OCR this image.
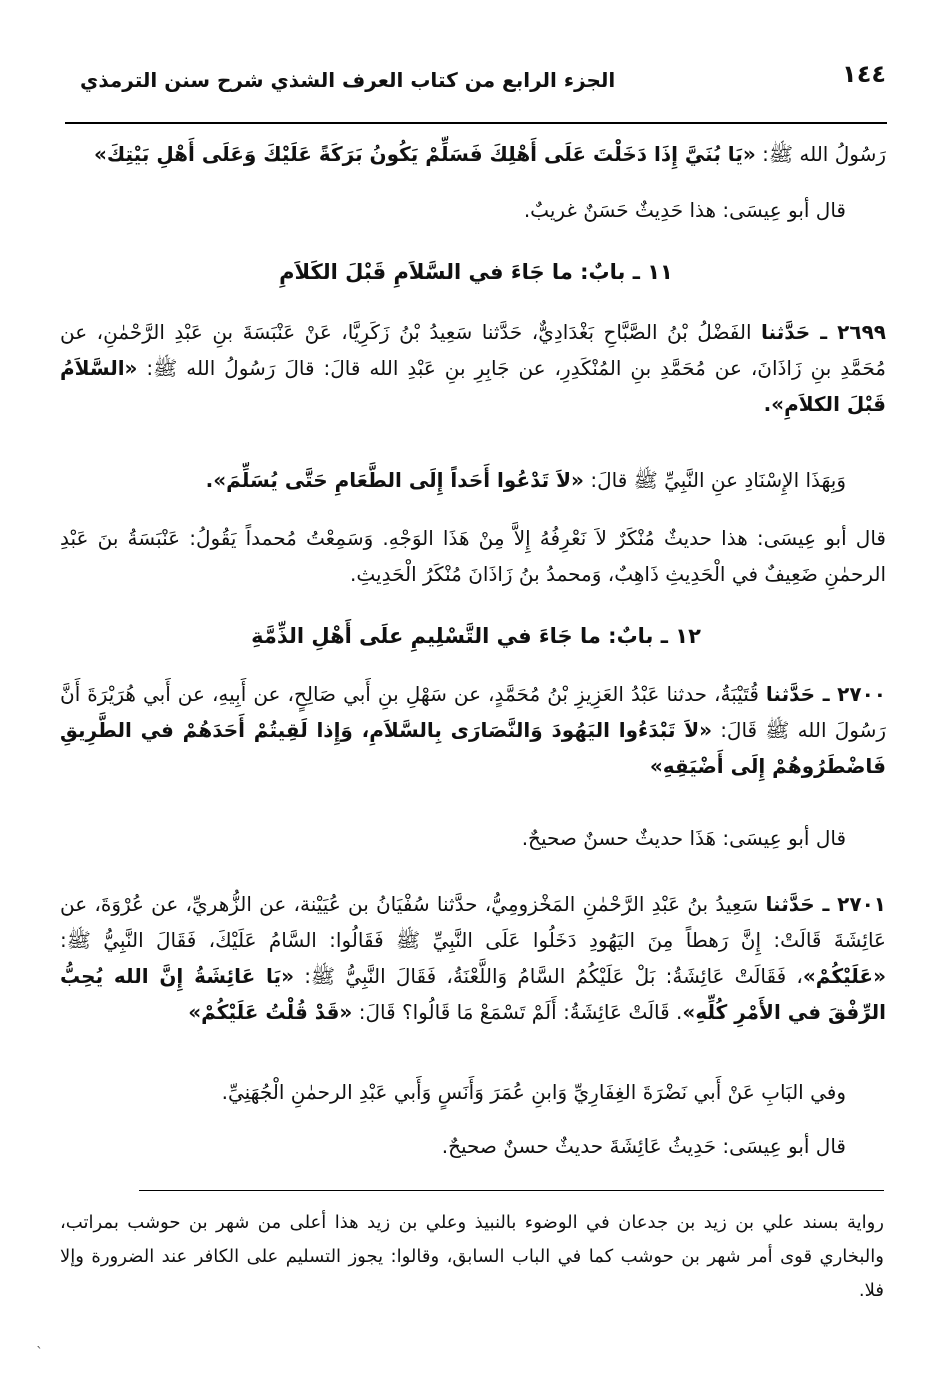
١٤٤
الجزء الرابع من كتاب العرف الشذي شرح سنن الترمذي
رَسُولُ الله ﷺ: «يَا بُنَيَّ إِذَا دَخَلْتَ عَلَى أَهْلِكَ فَسَلِّمْ يَكُونُ بَرَكَةً عَلَيْكَ وَعَلَى أَهْلِ بَيْتِكَ»
قال أبو عِيسَى: هذا حَدِيثٌ حَسَنٌ غريبٌ.
١١ ـ بابٌ: ما جَاءَ في السَّلاَمِ قَبْلَ الكَلاَمِ
٢٦٩٩ ـ حَدَّثنا الفَضْلُ بْنُ الصَّبَّاحِ بَغْدَادِيٌّ، حَدَّثنا سَعِيدُ بْنُ زَكَرِيَّا، عَنْ عَنْبَسَةَ بنِ عَبْدِ الرَّحْمٰنِ، عن مُحَمَّدِ بنِ زَاذَانَ، عن مُحَمَّدِ بنِ المُنْكَدِرِ، عن جَابِرِ بنِ عَبْدِ الله قالَ: قالَ رَسُولُ الله ﷺ: «السَّلاَمُ قَبْلَ الكلاَمِ».
وَبِهَذَا الإِسْنَادِ عنِ النَّبِيِّ ﷺ قالَ: «لاَ تَدْعُوا أَحَداً إِلَى الطَّعَامِ حَتَّى يُسَلِّمَ».
قال أبو عِيسَى: هذا حديثٌ مُنْكَرٌ لاَ نَعْرِفُهُ إِلاَّ مِنْ هَذَا الوَجْهِ. وَسَمِعْتُ مُحمداً يَقُولُ: عَنْبَسَةُ بنَ عَبْدِ الرحمٰنِ ضَعِيفٌ في الْحَدِيثِ ذَاهِبٌ، وَمحمدُ بنُ زَاذَانَ مُنْكَرُ الْحَدِيثِ.
١٢ ـ بابٌ: ما جَاءَ في التَّسْلِيمِ علَى أَهْلِ الذِّمَّةِ
٢٧٠٠ ـ حَدَّثنا قُتَيْبَةُ، حدثنا عَبْدُ العَزِيزِ بْنُ مُحَمَّدٍ، عن سَهْلِ بنِ أَبي صَالِحٍ، عن أَبِيهِ، عن أَبي هُرَيْرَةَ أَنَّ رَسُولَ الله ﷺ قَالَ: «لاَ تَبْدَءُوا اليَهُودَ وَالنَّصَارَى بِالسَّلاَمِ، وَإِذا لَقِيتُمْ أَحَدَهُمْ في الطَّرِيقِ فَاضْطَرُوهُمْ إِلَى أَضْيَقِهِ»
قال أبو عِيسَى: هَذَا حديثٌ حسنٌ صحيحٌ.
٢٧٠١ ـ حَدَّثنا سَعِيدُ بنُ عَبْدِ الرَّحْمٰنِ المَخْزومِيُّ، حدَّثنا سُفْيَانُ بن عُيَيْنة، عن الزُّهريِّ، عن عُرْوَةَ، عن عَائِشَةَ قَالَتْ: إِنَّ رَهطاً مِنَ اليَهُودِ دَخَلُوا عَلَى النَّبِيِّ ﷺ فَقَالُوا: السَّامُ عَلَيْكَ، فَقَالَ النَّبِيُّ ﷺ: «عَلَيْكُمْ»، فَقَالَتْ عَائِشَةُ: بَلْ عَلَيْكُمُ السَّامُ وَاللَّعْنَةُ، فَقَالَ النَّبِيُّ ﷺ: «يَا عَائِشَةُ إِنَّ الله يُحِبُّ الرِّفْقَ في الأَمْرِ كُلِّهِ». قَالَتْ عَائِشَةُ: أَلَمْ تَسْمَعْ مَا قَالُوا؟ قَالَ: «قَدْ قُلْتُ عَلَيْكُمْ»
وفي البَابِ عَنْ أَبي نَضْرَةَ الغِفَارِيِّ وَابنِ عُمَرَ وَأَنَسٍ وَأَبي عَبْدِ الرحمٰنِ الْجُهَنِيِّ.
قال أبو عِيسَى: حَدِيثُ عَائِشَةَ حديثٌ حسنٌ صحيحٌ.
رواية بسند علي بن زيد بن جدعان في الوضوء بالنبيذ وعلي بن زيد هذا أعلى من شهر بن حوشب بمراتب، والبخاري قوى أمر شهر بن حوشب كما في الباب السابق، وقالوا: يجوز التسليم على الكافر عند الضرورة وإلا فلا.
ˎ
